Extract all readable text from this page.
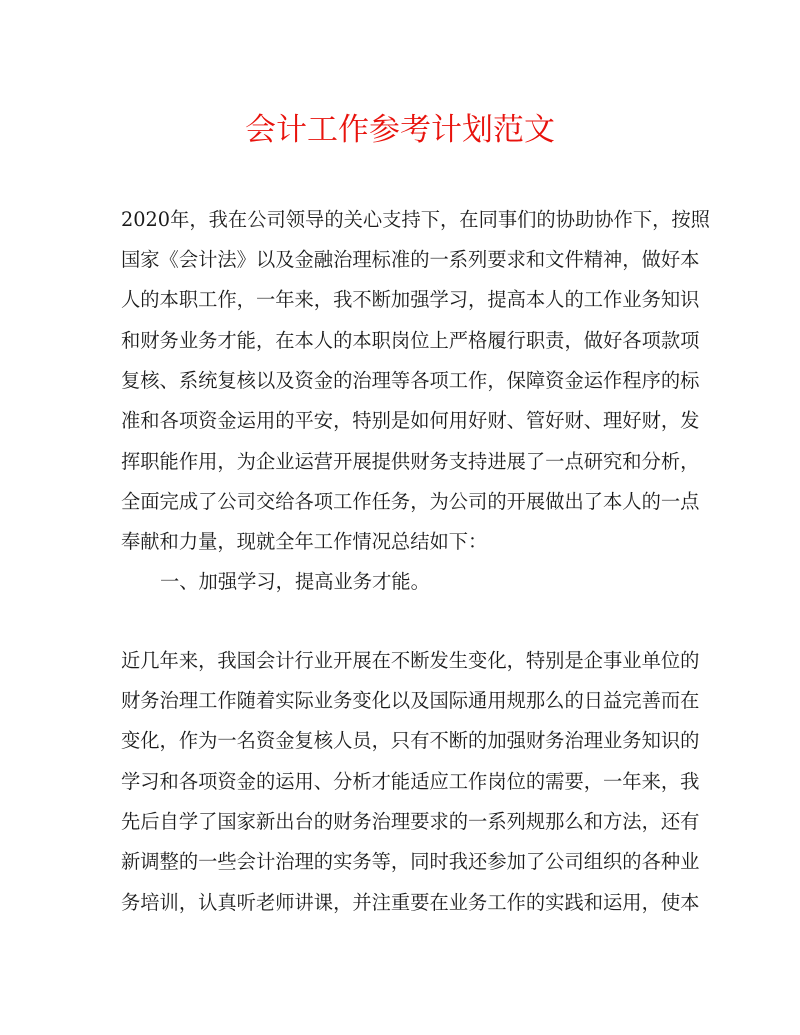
会计工作参考计划范文
2020年，我在公司领导的关心支持下，在同事们的协助协作下，按照
国家《会计法》以及金融治理标准的一系列要求和文件精神，做好本
人的本职工作，一年来，我不断加强学习，提高本人的工作业务知识
和财务业务才能，在本人的本职岗位上严格履行职责，做好各项款项
复核、系统复核以及资金的治理等各项工作，保障资金运作程序的标
准和各项资金运用的平安，特别是如何用好财、管好财、理好财，发
挥职能作用，为企业运营开展提供财务支持进展了一点研究和分析，
全面完成了公司交给各项工作任务，为公司的开展做出了本人的一点
奉献和力量，现就全年工作情况总结如下：
一、加强学习，提高业务才能。
近几年来，我国会计行业开展在不断发生变化，特别是企事业单位的
财务治理工作随着实际业务变化以及国际通用规那么的日益完善而在
变化，作为一名资金复核人员，只有不断的加强财务治理业务知识的
学习和各项资金的运用、分析才能适应工作岗位的需要，一年来，我
先后自学了国家新出台的财务治理要求的一系列规那么和方法，还有
新调整的一些会计治理的实务等，同时我还参加了公司组织的各种业
务培训，认真听老师讲课，并注重要在业务工作的实践和运用，使本
